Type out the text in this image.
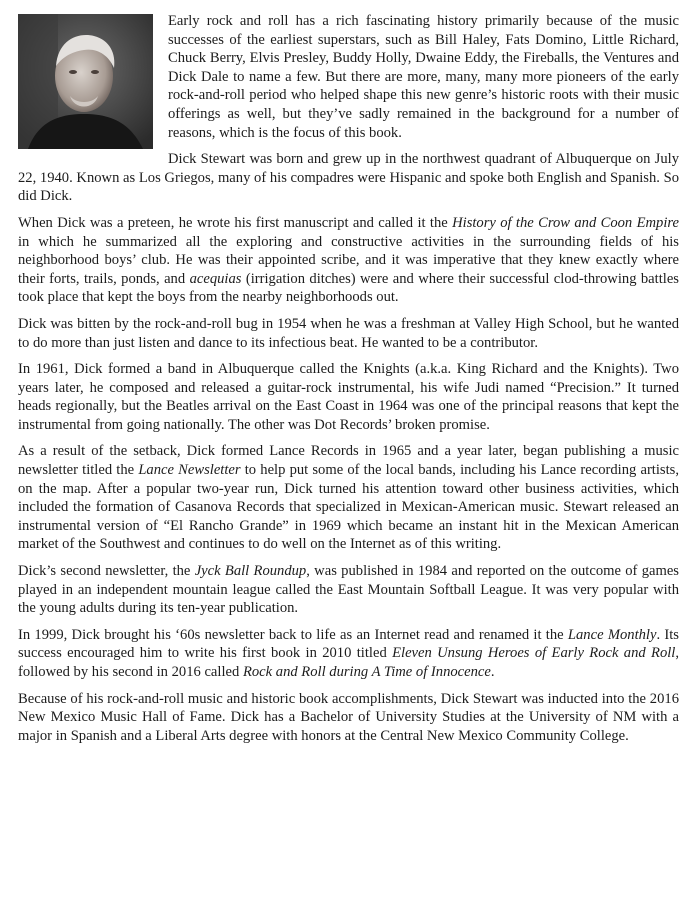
Early rock and roll has a rich fascinating history primarily because of the music successes of the earliest superstars, such as Bill Haley, Fats Domino, Little Richard, Chuck Berry, Elvis Presley, Buddy Holly, Dwaine Eddy, the Fireballs, the Ventures and Dick Dale to name a few. But there are more, many, many more pioneers of the early rock-and-roll period who helped shape this new genre’s historic roots with their music offerings as well, but they’ve sadly remained in the background for a number of reasons, which is the focus of this book.

Dick Stewart was born and grew up in the northwest quadrant of Albuquerque on July 22, 1940. Known as Los Griegos, many of his compadres were Hispanic and spoke both English and Spanish. So did Dick.

When Dick was a preteen, he wrote his first manuscript and called it the History of the Crow and Coon Empire in which he summarized all the exploring and constructive activities in the surrounding fields of his neighborhood boys’ club. He was their appointed scribe, and it was imperative that they knew exactly where their forts, trails, ponds, and acequias (irrigation ditches) were and where their successful clod-throwing battles took place that kept the boys from the nearby neighborhoods out.

Dick was bitten by the rock-and-roll bug in 1954 when he was a freshman at Valley High School, but he wanted to do more than just listen and dance to its infectious beat. He wanted to be a contributor.

In 1961, Dick formed a band in Albuquerque called the Knights (a.k.a. King Richard and the Knights). Two years later, he composed and released a guitar-rock instrumental, his wife Judi named “Precision.” It turned heads regionally, but the Beatles arrival on the East Coast in 1964 was one of the principal reasons that kept the instrumental from going nationally. The other was Dot Records’ broken promise.

As a result of the setback, Dick formed Lance Records in 1965 and a year later, began publishing a music newsletter titled the Lance Newsletter to help put some of the local bands, including his Lance recording artists, on the map. After a popular two-year run, Dick turned his attention toward other business activities, which included the formation of Casanova Records that specialized in Mexican-American music. Stewart released an instrumental version of “El Rancho Grande” in 1969 which became an instant hit in the Mexican American market of the Southwest and continues to do well on the Internet as of this writing.

Dick’s second newsletter, the Jyck Ball Roundup, was published in 1984 and reported on the outcome of games played in an independent mountain league called the East Mountain Softball League. It was very popular with the young adults during its ten-year publication.

In 1999, Dick brought his ‘60s newsletter back to life as an Internet read and renamed it the Lance Monthly. Its success encouraged him to write his first book in 2010 titled Eleven Unsung Heroes of Early Rock and Roll, followed by his second in 2016 called Rock and Roll during A Time of Innocence.

Because of his rock-and-roll music and historic book accomplishments, Dick Stewart was inducted into the 2016 New Mexico Music Hall of Fame. Dick has a Bachelor of University Studies at the University of NM with a major in Spanish and a Liberal Arts degree with honors at the Central New Mexico Community College.
